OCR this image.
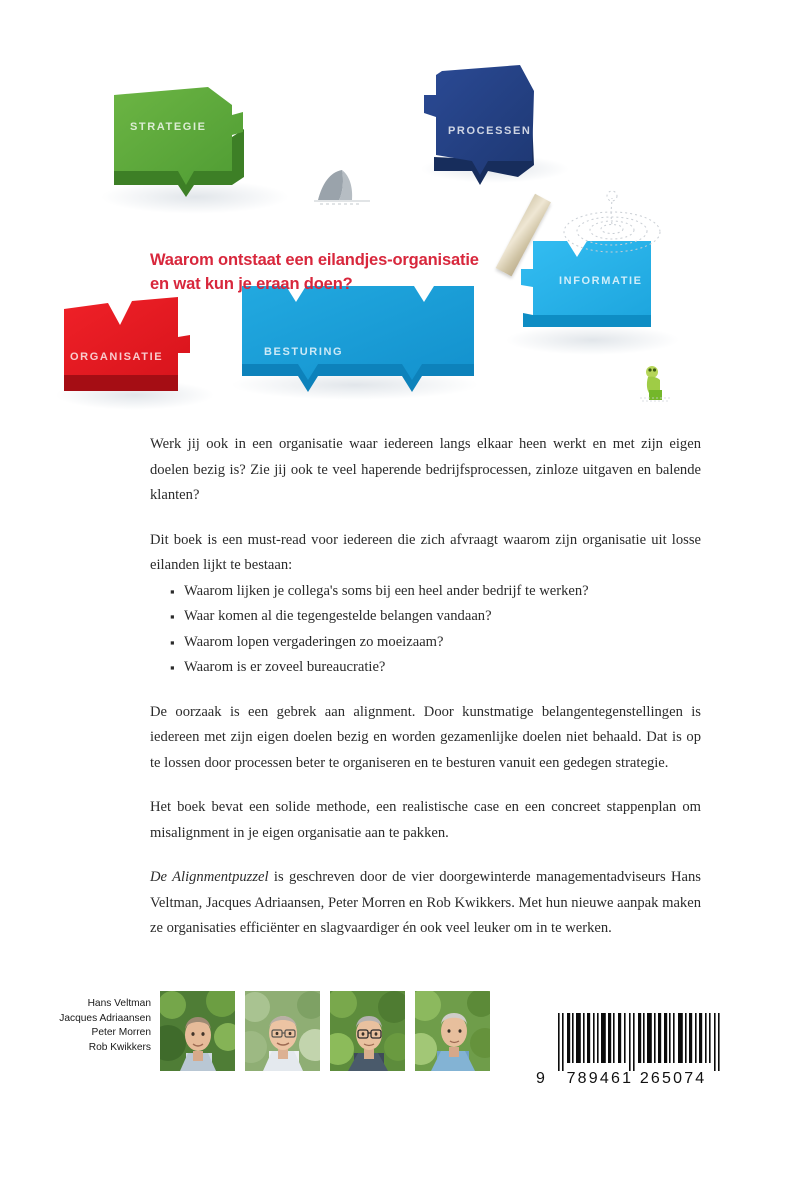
STRATEGIE	PROCESSEN
INFORMATIE
ORGANISATIE	BESTURING
Waarom ontstaat een eilandjes-organisatie
en wat kun je eraan doen?

Werk jij ook in een organisatie waar iedereen langs elkaar heen werkt en met zijn eigen doelen bezig is? Zie jij ook te veel haperende bedrijfsprocessen, zinloze uitgaven en balende klanten?

Dit boek is een must-read voor iedereen die zich afvraagt waarom zijn organisatie uit losse eilanden lijkt te bestaan:

▪ Waarom lijken je collega's soms bij een heel ander bedrijf te werken?
▪ Waar komen al die tegengestelde belangen vandaan?
▪ Waarom lopen vergaderingen zo moeizaam?
▪ Waarom is er zoveel bureaucratie?

De oorzaak is een gebrek aan alignment. Door kunstmatige belangentegenstellingen is iedereen met zijn eigen doelen bezig en worden gezamenlijke doelen niet behaald. Dat is op te lossen door processen beter te organiseren en te besturen vanuit een gedegen strategie.

Het boek bevat een solide methode, een realistische case en een concreet stappenplan om misalignment in je eigen organisatie aan te pakken.

De Alignmentpuzzel is geschreven door de vier doorgewinterde managementadviseurs Hans Veltman, Jacques Adriaansen, Peter Morren en Rob Kwikkers. Met hun nieuwe aanpak maken ze organisaties efficiënter en slagvaardiger én ook veel leuker om in te werken.

Hans Veltman
Jacques Adriaansen
Peter Morren
Rob Kwikkers
9	789461 265074
